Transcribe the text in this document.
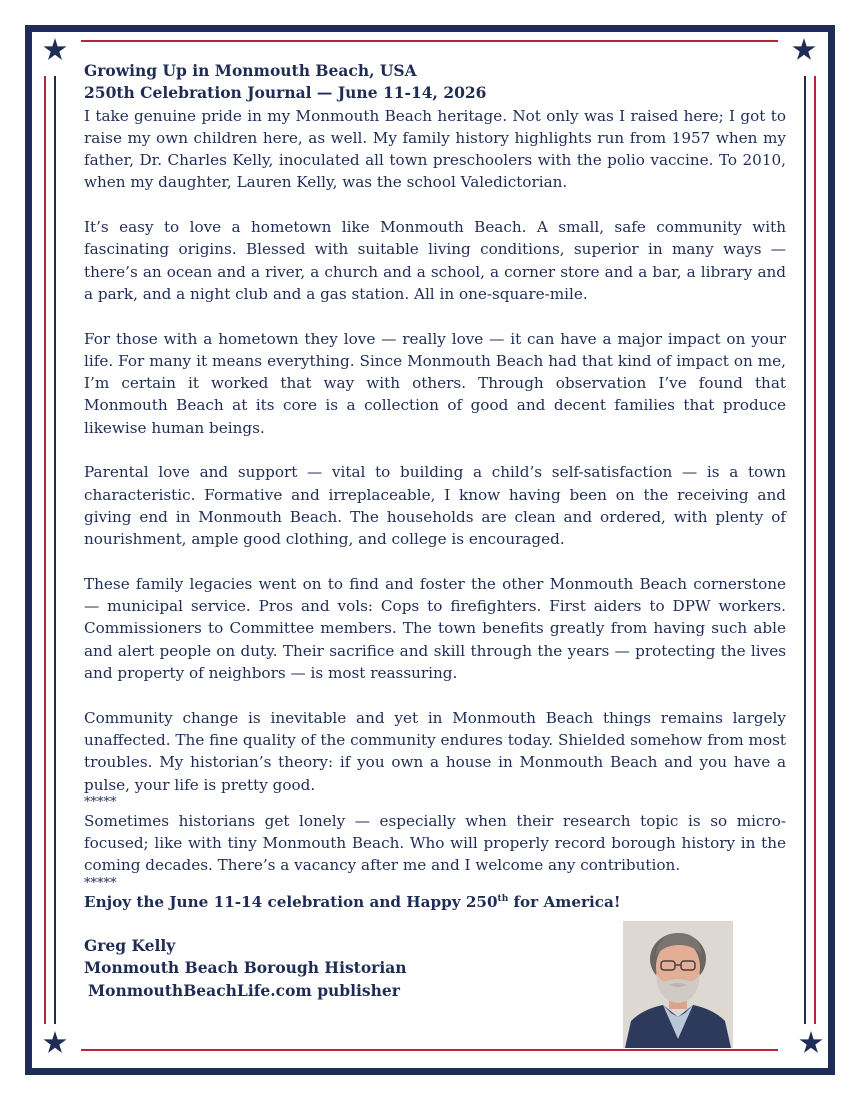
Growing Up in Monmouth Beach, USA
250th Celebration Journal — June 11-14, 2026

I take genuine pride in my Monmouth Beach heritage. Not only was I raised here; I got to raise my own children here, as well. My family history highlights run from 1957 when my father, Dr. Charles Kelly, inoculated all town preschoolers with the polio vaccine. To 2010, when my daughter, Lauren Kelly, was the school Valedictorian.

It’s easy to love a hometown like Monmouth Beach. A small, safe community with fascinating origins. Blessed with suitable living conditions, superior in many ways — there’s an ocean and a river, a church and a school, a corner store and a bar, a library and a park, and a night club and a gas station. All in one-square-mile.

For those with a hometown they love — really love — it can have a major impact on your life. For many it means everything. Since Monmouth Beach had that kind of impact on me, I’m certain it worked that way with others. Through observation I’ve found that Monmouth Beach at its core is a collection of good and decent families that produce likewise human beings.

Parental love and support — vital to building a child’s self-satisfaction — is a town characteristic. Formative and irreplaceable, I know having been on the receiving and giving end in Monmouth Beach. The households are clean and ordered, with plenty of nourishment, ample good clothing, and college is encouraged.

These family legacies went on to find and foster the other Monmouth Beach cornerstone — municipal service. Pros and vols: Cops to firefighters. First aiders to DPW workers. Commissioners to Committee members. The town benefits greatly from having such able and alert people on duty. Their sacrifice and skill through the years — protecting the lives and property of neighbors — is most reassuring.

Community change is inevitable and yet in Monmouth Beach things remains largely unaffected. The fine quality of the community endures today. Shielded somehow from most troubles. My historian’s theory: if you own a house in Monmouth Beach and you have a pulse, your life is pretty good.

*****

Sometimes historians get lonely — especially when their research topic is so micro-focused; like with tiny Monmouth Beach. Who will properly record borough history in the coming decades. There’s a vacancy after me and I welcome any contribution.

*****
Enjoy the June 11-14 celebration and Happy 250th for America!
Greg Kelly
Monmouth Beach Borough Historian
MonmouthBeachLife.com publisher
